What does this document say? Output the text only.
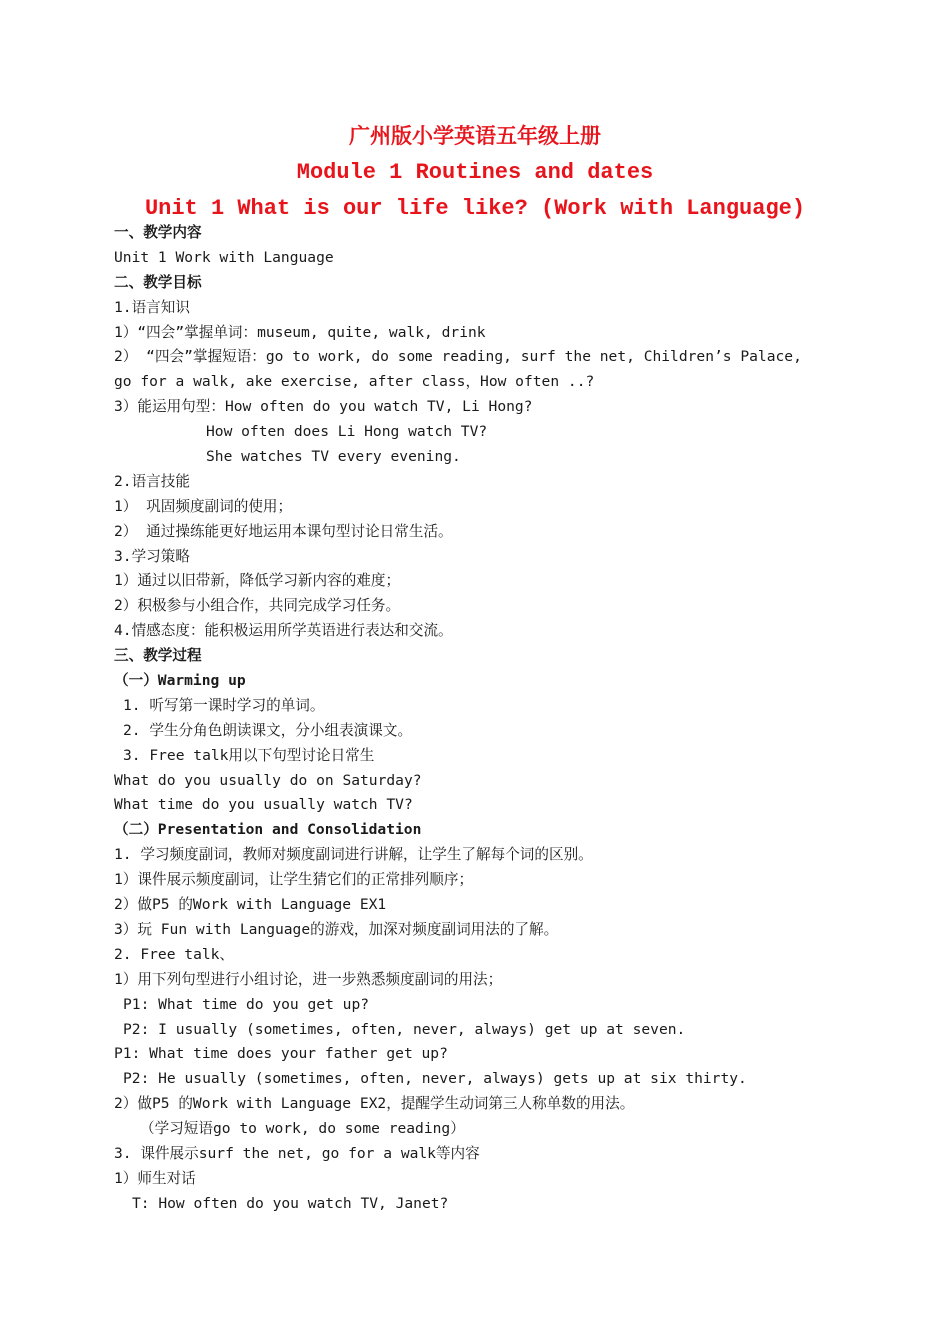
广州版小学英语五年级上册
Module 1 Routines and dates
Unit 1 What is our life like? (Work with Language)
一、教学内容
Unit 1 Work with Language
二、教学目标
1.语言知识
1）“四会”掌握单词：museum, quite, walk, drink
2） “四会”掌握短语：go to work, do some reading, surf the net, Children’s Palace,
go for a walk, ake exercise, after class，How often ..?
3）能运用句型：How often do you watch TV, Li Hong?
How often does Li Hong watch TV?
She watches TV every evening.
2.语言技能
1） 巩固频度副词的使用；
2） 通过操练能更好地运用本课句型讨论日常生活。
3.学习策略
1）通过以旧带新，降低学习新内容的难度；
2）积极参与小组合作，共同完成学习任务。
4.情感态度：能积极运用所学英语进行表达和交流。
三、教学过程
（一）Warming up
1. 听写第一课时学习的单词。
2. 学生分角色朗读课文，分小组表演课文。
3. Free talk用以下句型讨论日常生
What do you usually do on Saturday?
What time do you usually watch TV?
（二）Presentation and Consolidation
1. 学习频度副词，教师对频度副词进行讲解，让学生了解每个词的区别。
1）课件展示频度副词，让学生猜它们的正常排列顺序；
2）做P5 的Work with Language EX1
3）玩 Fun with Language的游戏，加深对频度副词用法的了解。
2. Free talk、
1）用下列句型进行小组讨论，进一步熟悉频度副词的用法；
P1: What time do you get up?
P2: I usually (sometimes, often, never, always) get up at seven.
P1: What time does your father get up?
P2: He usually (sometimes, often, never, always) gets up at six thirty.
2）做P5 的Work with Language EX2，提醒学生动词第三人称单数的用法。
（学习短语go to work, do some reading）
3. 课件展示surf the net, go for a walk等内容
1）师生对话
T: How often do you watch TV, Janet?
